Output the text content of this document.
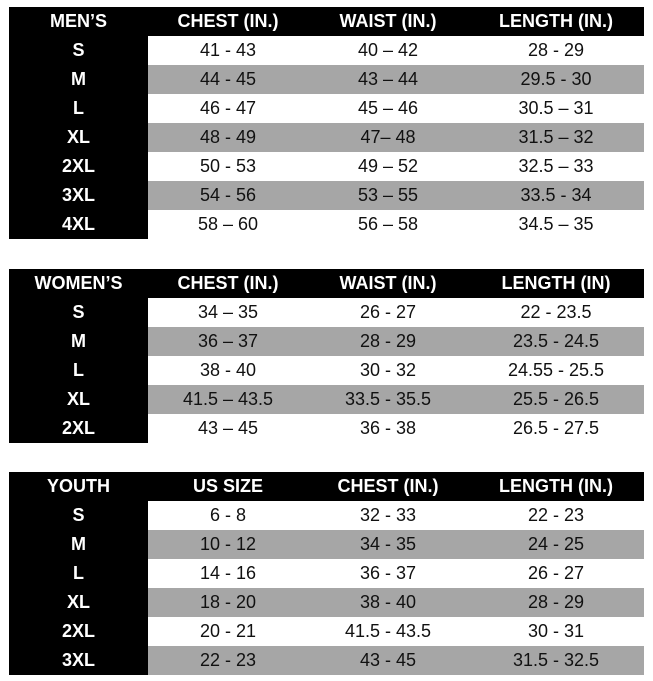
MEN’S	CHEST (IN.)	WAIST (IN.)	LENGTH (IN.)
S	41 - 43	40 – 42	28 - 29
M	44 - 45	43 – 44	29.5 - 30
L	46 - 47	45 – 46	30.5 – 31
XL	48 - 49	47– 48	31.5 – 32
2XL	50 - 53	49 – 52	32.5 – 33
3XL	54 - 56	53 – 55	33.5 - 34
4XL	58 – 60	56 – 58	34.5 – 35
WOMEN’S	CHEST (IN.)	WAIST (IN.)	LENGTH (IN)
S	34 – 35	26 - 27	22 - 23.5
M	36 – 37	28 - 29	23.5 - 24.5
L	38 - 40	30 - 32	24.55 - 25.5
XL	41.5 – 43.5	33.5 - 35.5	25.5 - 26.5
2XL	43 – 45	36 - 38	26.5 - 27.5
YOUTH	US SIZE	CHEST (IN.)	LENGTH (IN.)
S	6 - 8	32 - 33	22 - 23
M	10 - 12	34 - 35	24 - 25
L	14 - 16	36 - 37	26 - 27
XL	18 - 20	38 - 40	28 - 29
2XL	20 - 21	41.5 - 43.5	30 - 31
3XL	22 - 23	43 - 45	31.5 - 32.5
